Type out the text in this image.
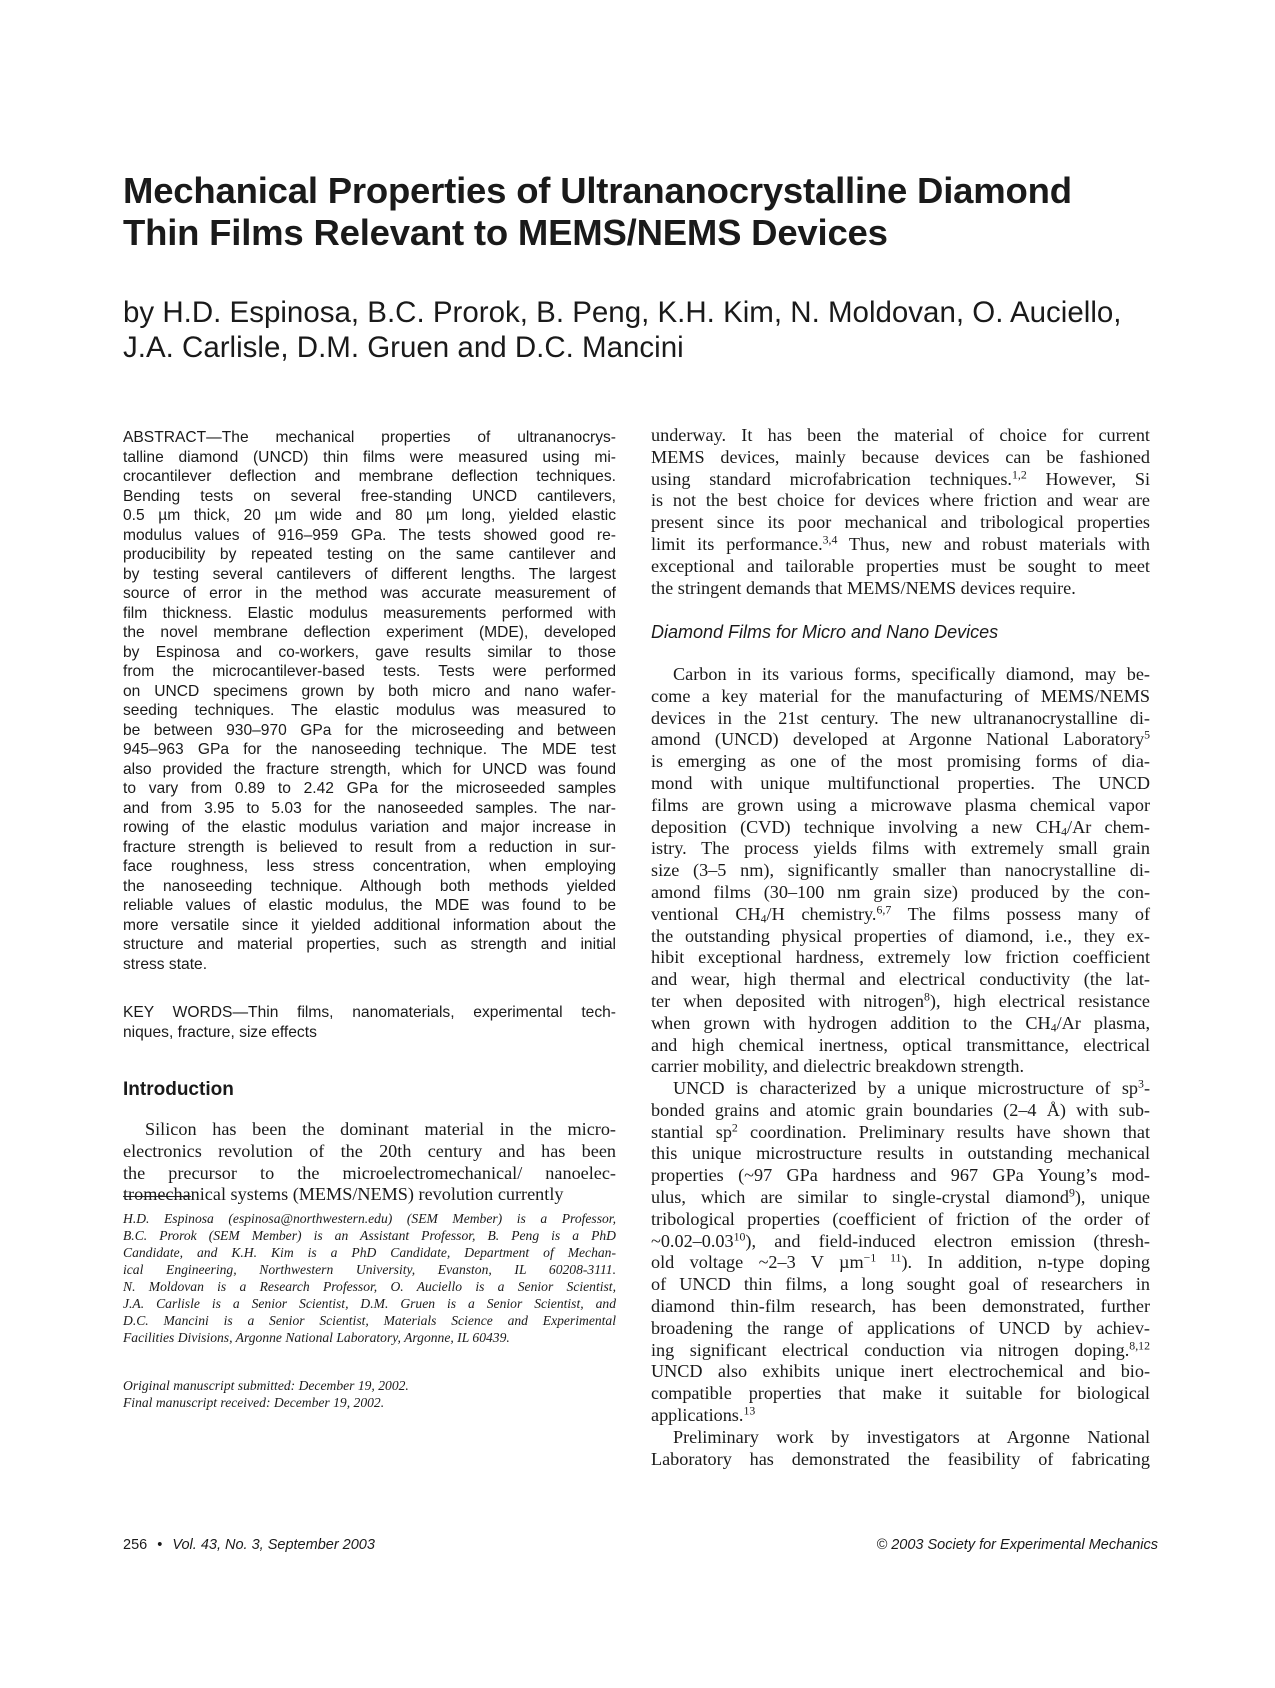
Mechanical Properties of Ultrananocrystalline Diamond
Thin Films Relevant to MEMS/NEMS Devices
by H.D. Espinosa, B.C. Prorok, B. Peng, K.H. Kim, N. Moldovan, O. Auciello,
J.A. Carlisle, D.M. Gruen and D.C. Mancini
ABSTRACT—The mechanical properties of ultrananocrys-
talline diamond (UNCD) thin films were measured using mi-
crocantilever deflection and membrane deflection techniques.
Bending tests on several free-standing UNCD cantilevers,
0.5 µm thick, 20 µm wide and 80 µm long, yielded elastic
modulus values of 916–959 GPa. The tests showed good re-
producibility by repeated testing on the same cantilever and
by testing several cantilevers of different lengths. The largest
source of error in the method was accurate measurement of
film thickness. Elastic modulus measurements performed with
the novel membrane deflection experiment (MDE), developed
by Espinosa and co-workers, gave results similar to those
from the microcantilever-based tests. Tests were performed
on UNCD specimens grown by both micro and nano wafer-
seeding techniques. The elastic modulus was measured to
be between 930–970 GPa for the microseeding and between
945–963 GPa for the nanoseeding technique. The MDE test
also provided the fracture strength, which for UNCD was found
to vary from 0.89 to 2.42 GPa for the microseeded samples
and from 3.95 to 5.03 for the nanoseeded samples. The nar-
rowing of the elastic modulus variation and major increase in
fracture strength is believed to result from a reduction in sur-
face roughness, less stress concentration, when employing
the nanoseeding technique. Although both methods yielded
reliable values of elastic modulus, the MDE was found to be
more versatile since it yielded additional information about the
structure and material properties, such as strength and initial
stress state.
KEY WORDS—Thin films, nanomaterials, experimental tech-
niques, fracture, size effects
Introduction
Silicon has been the dominant material in the micro-
electronics revolution of the 20th century and has been
the precursor to the microelectromechanical/ nanoelec-
tromechanical systems (MEMS/NEMS) revolution currently
H.D. Espinosa (espinosa@northwestern.edu) (SEM Member) is a Professor,
B.C. Prorok (SEM Member) is an Assistant Professor, B. Peng is a PhD
Candidate, and K.H. Kim is a PhD Candidate, Department of Mechan-
ical Engineering, Northwestern University, Evanston, IL 60208-3111.
N. Moldovan is a Research Professor, O. Auciello is a Senior Scientist,
J.A. Carlisle is a Senior Scientist, D.M. Gruen is a Senior Scientist, and
D.C. Mancini is a Senior Scientist, Materials Science and Experimental
Facilities Divisions, Argonne National Laboratory, Argonne, IL 60439.
Original manuscript submitted: December 19, 2002.
Final manuscript received: December 19, 2002.
underway. It has been the material of choice for current
MEMS devices, mainly because devices can be fashioned
using standard microfabrication techniques.$^{1,2}$ However, Si
is not the best choice for devices where friction and wear are
present since its poor mechanical and tribological properties
limit its performance.$^{3,4}$ Thus, new and robust materials with
exceptional and tailorable properties must be sought to meet
the stringent demands that MEMS/NEMS devices require.
Diamond Films for Micro and Nano Devices
Carbon in its various forms, specifically diamond, may be-
come a key material for the manufacturing of MEMS/NEMS
devices in the 21st century. The new ultrananocrystalline di-
amond (UNCD) developed at Argonne National Laboratory$^5$
is emerging as one of the most promising forms of dia-
mond with unique multifunctional properties. The UNCD
films are grown using a microwave plasma chemical vapor
deposition (CVD) technique involving a new $CH_4/Ar$ chem-
istry. The process yields films with extremely small grain
size (3–5 nm), significantly smaller than nanocrystalline di-
amond films (30–100 nm grain size) produced by the con-
ventional $CH_4/H$ chemistry.$^{6,7}$ The films possess many of
the outstanding physical properties of diamond, i.e., they ex-
hibit exceptional hardness, extremely low friction coefficient
and wear, high thermal and electrical conductivity (the lat-
ter when deposited with nitrogen$^8$), high electrical resistance
when grown with hydrogen addition to the $CH_4/Ar$ plasma,
and high chemical inertness, optical transmittance, electrical
carrier mobility, and dielectric breakdown strength.
UNCD is characterized by a unique microstructure of $sp^3-$
bonded grains and atomic grain boundaries (2–4 Å) with sub-
stantial $sp^2$ coordination. Preliminary results have shown that
this unique microstructure results in outstanding mechanical
properties (~97 GPa hardness and 967 GPa Young’s mod-
ulus, which are similar to single-crystal diamond$^9$), unique
tribological properties (coefficient of friction of the order of
~0.02–0.03$^{10}$), and field-induced electron emission (thresh-
old voltage ~2–3 V µm$^{-1 11}$). In addition, n-type doping
of UNCD thin films, a long sought goal of researchers in
diamond thin-film research, has been demonstrated, further
broadening the range of applications of UNCD by achiev-
ing significant electrical conduction via nitrogen doping.$^{8,12}$
UNCD also exhibits unique inert electrochemical and bio-
compatible properties that make it suitable for biological
applications.$^{13}$
Preliminary work by investigators at Argonne National
Laboratory has demonstrated the feasibility of fabricating
256 • Vol. 43, No. 3, September 2003	© 2003 Society for Experimental Mechanics
